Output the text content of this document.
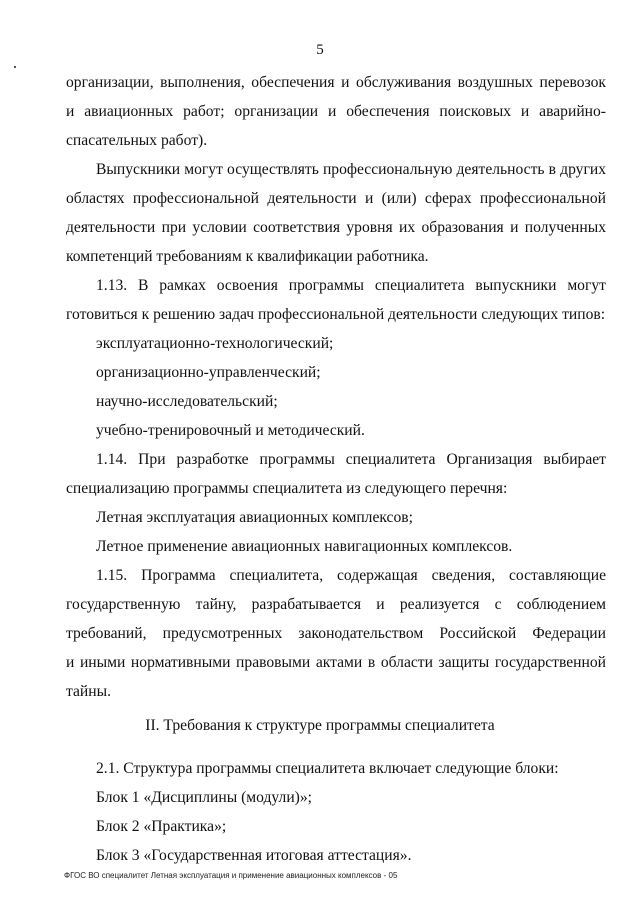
5

организации, выполнения, обеспечения и обслуживания воздушных перевозок

и авиационных работ; организации и обеспечения поисковых и аварийно-

спасательных работ).

Выпускники могут осуществлять профессиональную деятельность в других

областях профессиональной деятельности и (или) сферах профессиональной

деятельности при условии соответствия уровня их образования и полученных

компетенций требованиям к квалификации работника.

1.13. В рамках освоения программы специалитета выпускники могут

готовиться к решению задач профессиональной деятельности следующих типов:

эксплуатационно-технологический;

организационно-управленческий;

научно-исследовательский;

учебно-тренировочный и методический.

1.14. При разработке программы специалитета Организация выбирает

специализацию программы специалитета из следующего перечня:

Летная эксплуатация авиационных комплексов;

Летное применение авиационных навигационных комплексов.

1.15. Программа специалитета, содержащая сведения, составляющие

государственную тайну, разрабатывается и реализуется с соблюдением

требований, предусмотренных законодательством Российской Федерации

и иными нормативными правовыми актами в области защиты государственной

тайны.

II. Требования к структуре программы специалитета

2.1. Структура программы специалитета включает следующие блоки:

Блок 1 «Дисциплины (модули)»;

Блок 2 «Практика»;

Блок 3 «Государственная итоговая аттестация».

ФГОС ВО специалитет Летная эксплуатация и применение авиационных комплексов - 05
